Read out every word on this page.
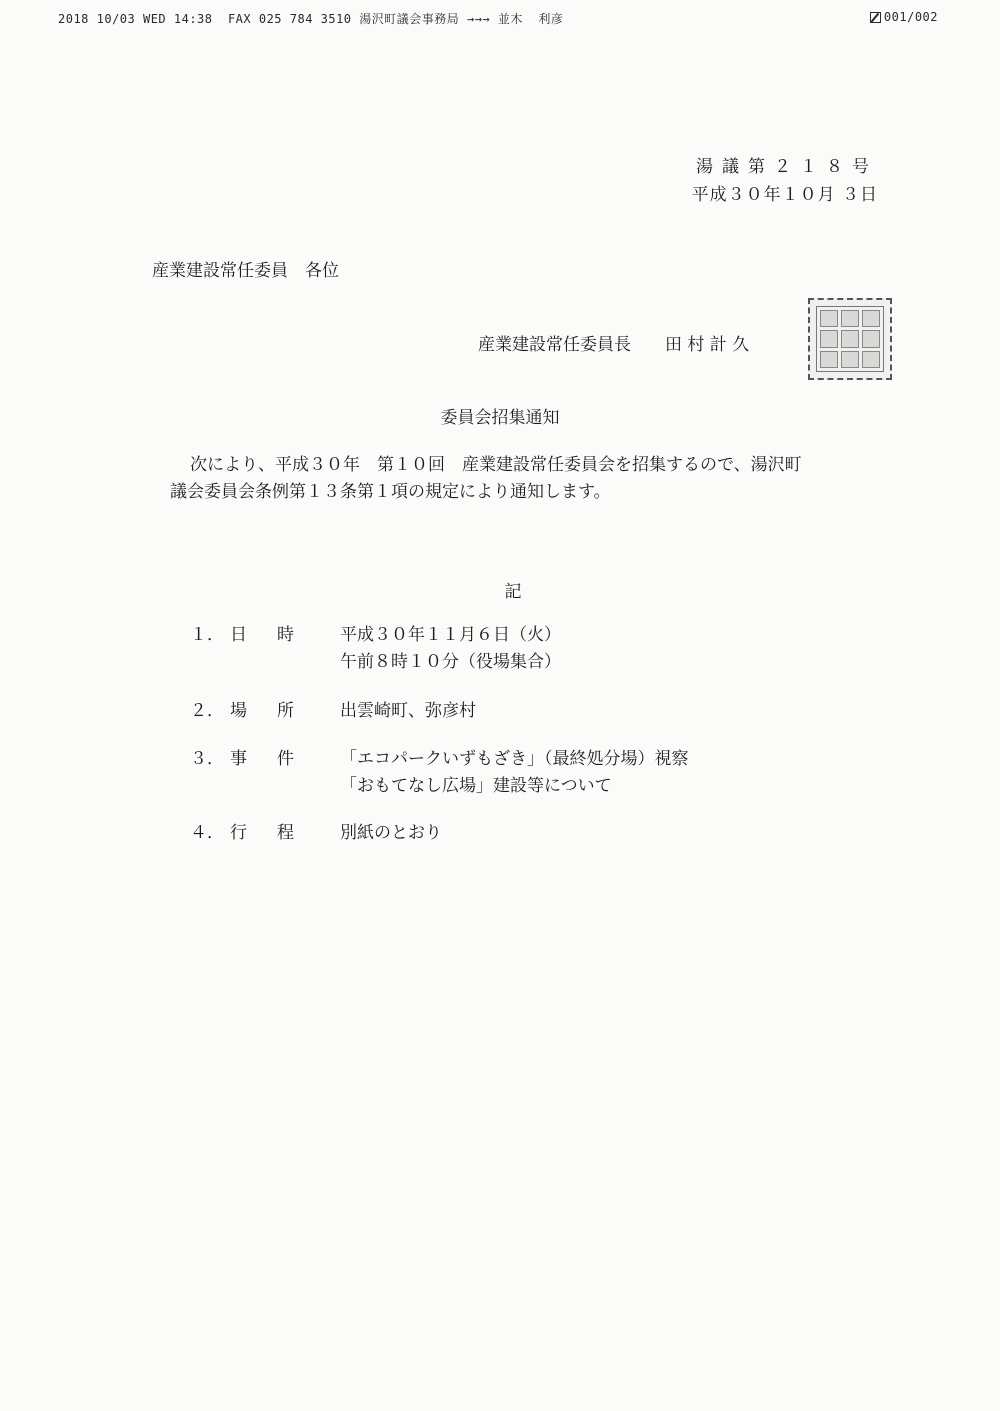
2018 10/03 WED 14:38  FAX 025 784 3510 湯沢町議会事務局 →→→ 並木  利彦	001/002
湯議第２１８号
平成３０年１０月 ３日
産業建設常任委員　各位
産業建設常任委員長　　 田 村 計 久
委員会招集通知

次により、平成３０年　第１０回　産業建設常任委員会を招集するので、湯沢町

議会委員会条例第１３条第１項の規定により通知します。

記
１． 日時 平成３０年１１月６日（火）
午前８時１０分（役場集合）
２． 場所 出雲崎町、弥彦村
３． 事件 「エコパークいずもざき」（最終処分場）視察
「おもてなし広場」建設等について
４． 行程 別紙のとおり
